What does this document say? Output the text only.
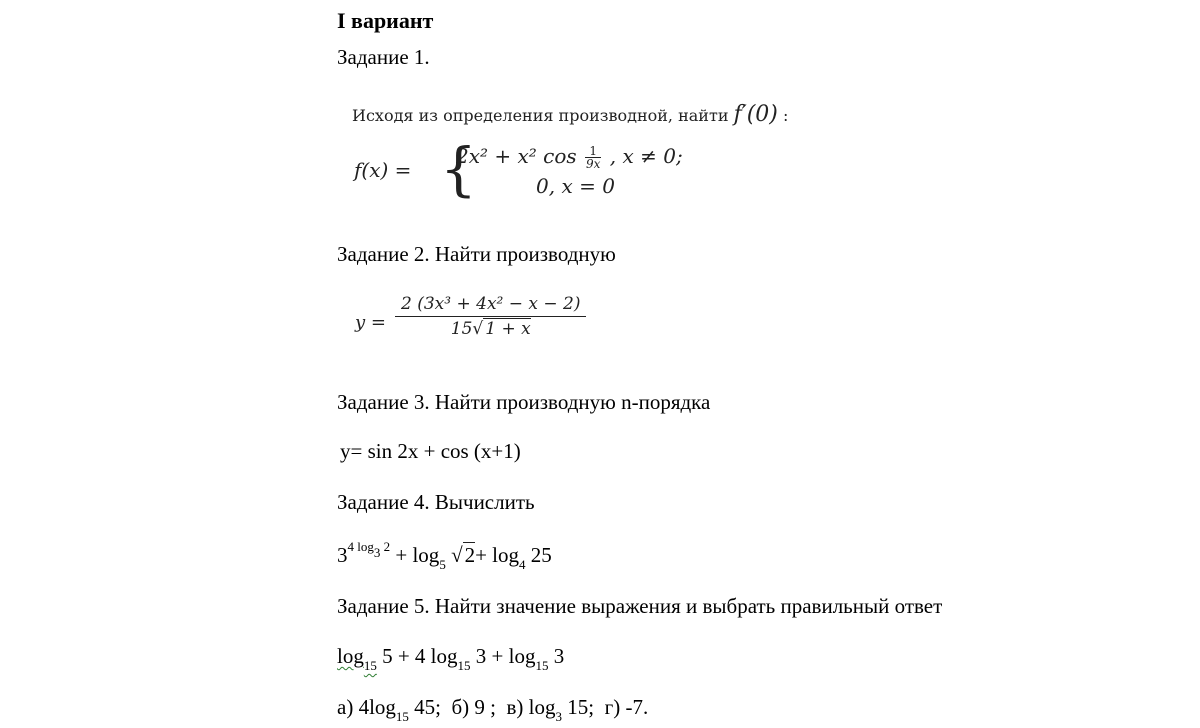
I вариант
Задание 1.
Исходя из определения производной, найти f′(0) :
f(x) = {
2x² + x² $\cos \frac{1}{9x}$ , x ≠ 0;
0, x = 0
Задание 2. Найти производную
$y = \frac{\text{2 (3x³ + 4x² − x − 2)}}{15√ 1 + x}$
Задание 3. Найти производную n-порядка
y= sin 2x + cos (x+1)
Задание 4. Вычислить
$3^{4 log_3 2} + \log_5 √2+ \log_4 25$
Задание 5. Найти значение выражения и выбрать правильный ответ
$\log_{15} 5 + 4$ $\log_{15} 3 + \log_{15} 3$
а) $4\log_{15}$ 45; б) 9 ; в) $\log_3 15$; г) -7.
